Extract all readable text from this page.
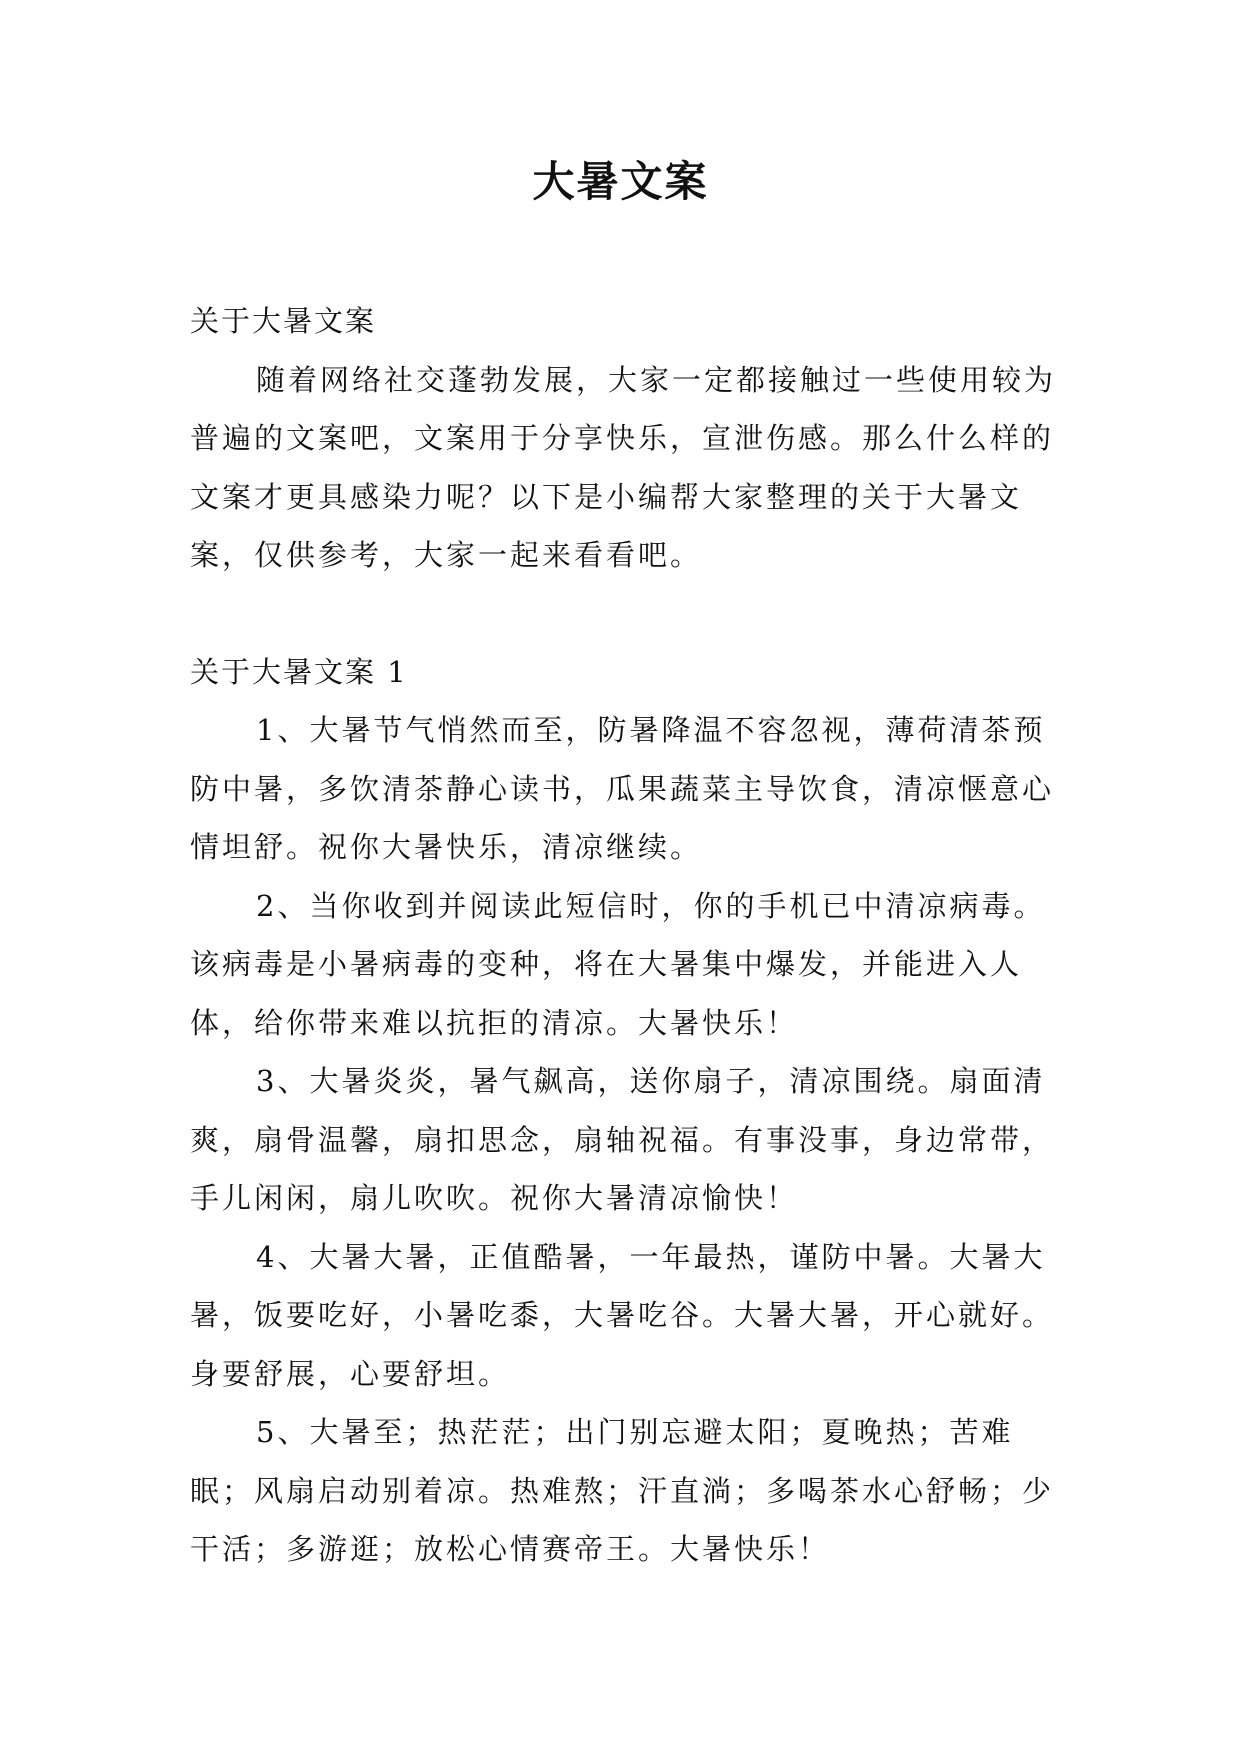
大暑文案

关于大暑文案

随着网络社交蓬勃发展，大家一定都接触过一些使用较为普遍的文案吧，文案用于分享快乐，宣泄伤感。那么什么样的文案才更具感染力呢？以下是小编帮大家整理的关于大暑文案，仅供参考，大家一起来看看吧。

关于大暑文案 1

1、大暑节气悄然而至，防暑降温不容忽视，薄荷清茶预防中暑，多饮清茶静心读书，瓜果蔬菜主导饮食，清凉惬意心情坦舒。祝你大暑快乐，清凉继续。

2、当你收到并阅读此短信时，你的手机已中清凉病毒。该病毒是小暑病毒的变种，将在大暑集中爆发，并能进入人体，给你带来难以抗拒的清凉。大暑快乐！

3、大暑炎炎，暑气飙高，送你扇子，清凉围绕。扇面清爽，扇骨温馨，扇扣思念，扇轴祝福。有事没事，身边常带，手儿闲闲，扇儿吹吹。祝你大暑清凉愉快！

4、大暑大暑，正值酷暑，一年最热，谨防中暑。大暑大暑，饭要吃好，小暑吃黍，大暑吃谷。大暑大暑，开心就好。身要舒展，心要舒坦。

5、大暑至；热茫茫；出门别忘避太阳；夏晚热；苦难眠；风扇启动别着凉。热难熬；汗直淌；多喝茶水心舒畅；少干活；多游逛；放松心情赛帝王。大暑快乐！
